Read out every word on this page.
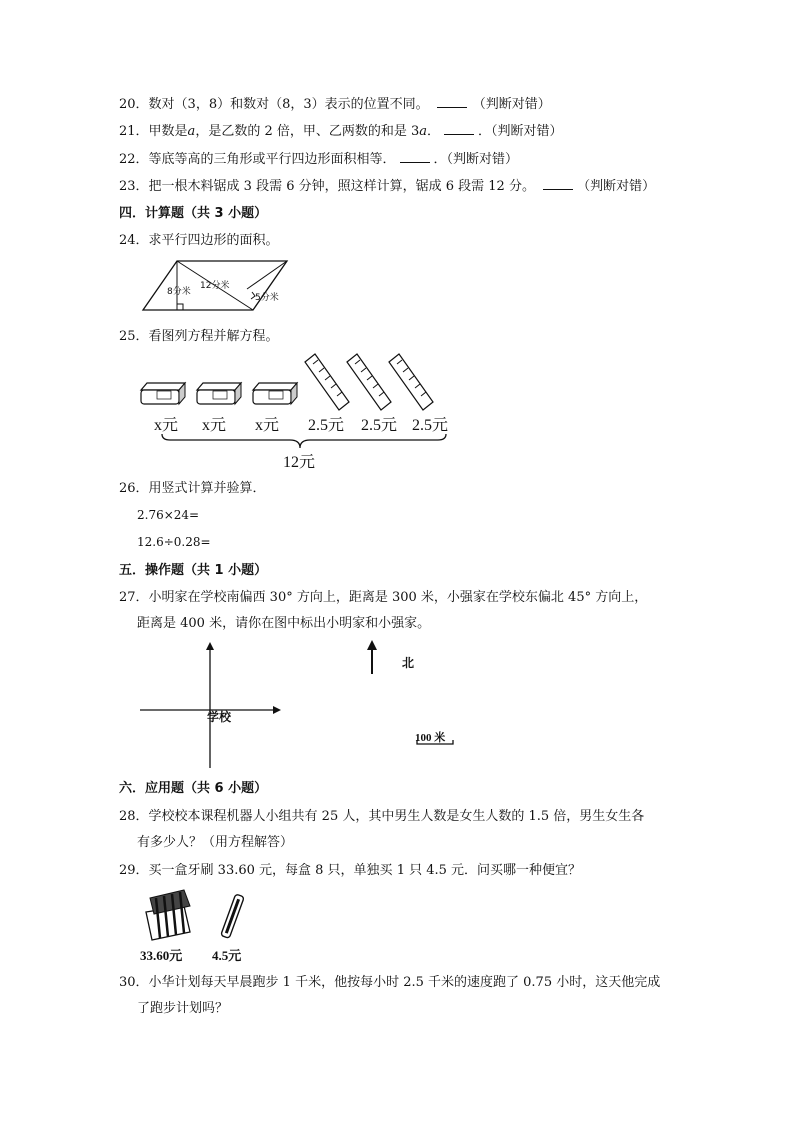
20．数对（3，8）和数对（8，3）表示的位置不同。	（判断对错）
21．甲数是a，是乙数的 2 倍，甲、乙两数的和是 3a．	．（判断对错）
22．等底等高的三角形或平行四边形面积相等．	．（判断对错）
23．把一根木料锯成 3 段需 6 分钟，照这样计算，锯成 6 段需 12 分。	（判断对错）
四．计算题（共 3 小题）
24．求平行四边形的面积。
8分米
12分米
5分米
25．看图列方程并解方程。
x元 x元 x元 2.5元 2.5元 2.5元
12元
26．用竖式计算并验算．
2.76×24=
12.6÷0.28=
五．操作题（共 1 小题）
27．小明家在学校南偏西 30° 方向上，距离是 300 米，小强家在学校东偏北 45° 方向上，
距离是 400 米，请你在图中标出小明家和小强家。
学校
北
100 米
六．应用题（共 6 小题）
28．学校校本课程机器人小组共有 25 人，其中男生人数是女生人数的 1.5 倍，男生女生各
有多少人？（用方程解答）
29．买一盒牙刷 33.60 元，每盒 8 只，单独买 1 只 4.5 元．问买哪一种便宜？
33.60元 4.5元
30．小华计划每天早晨跑步 1 千米，他按每小时 2.5 千米的速度跑了 0.75 小时，这天他完成
了跑步计划吗？
